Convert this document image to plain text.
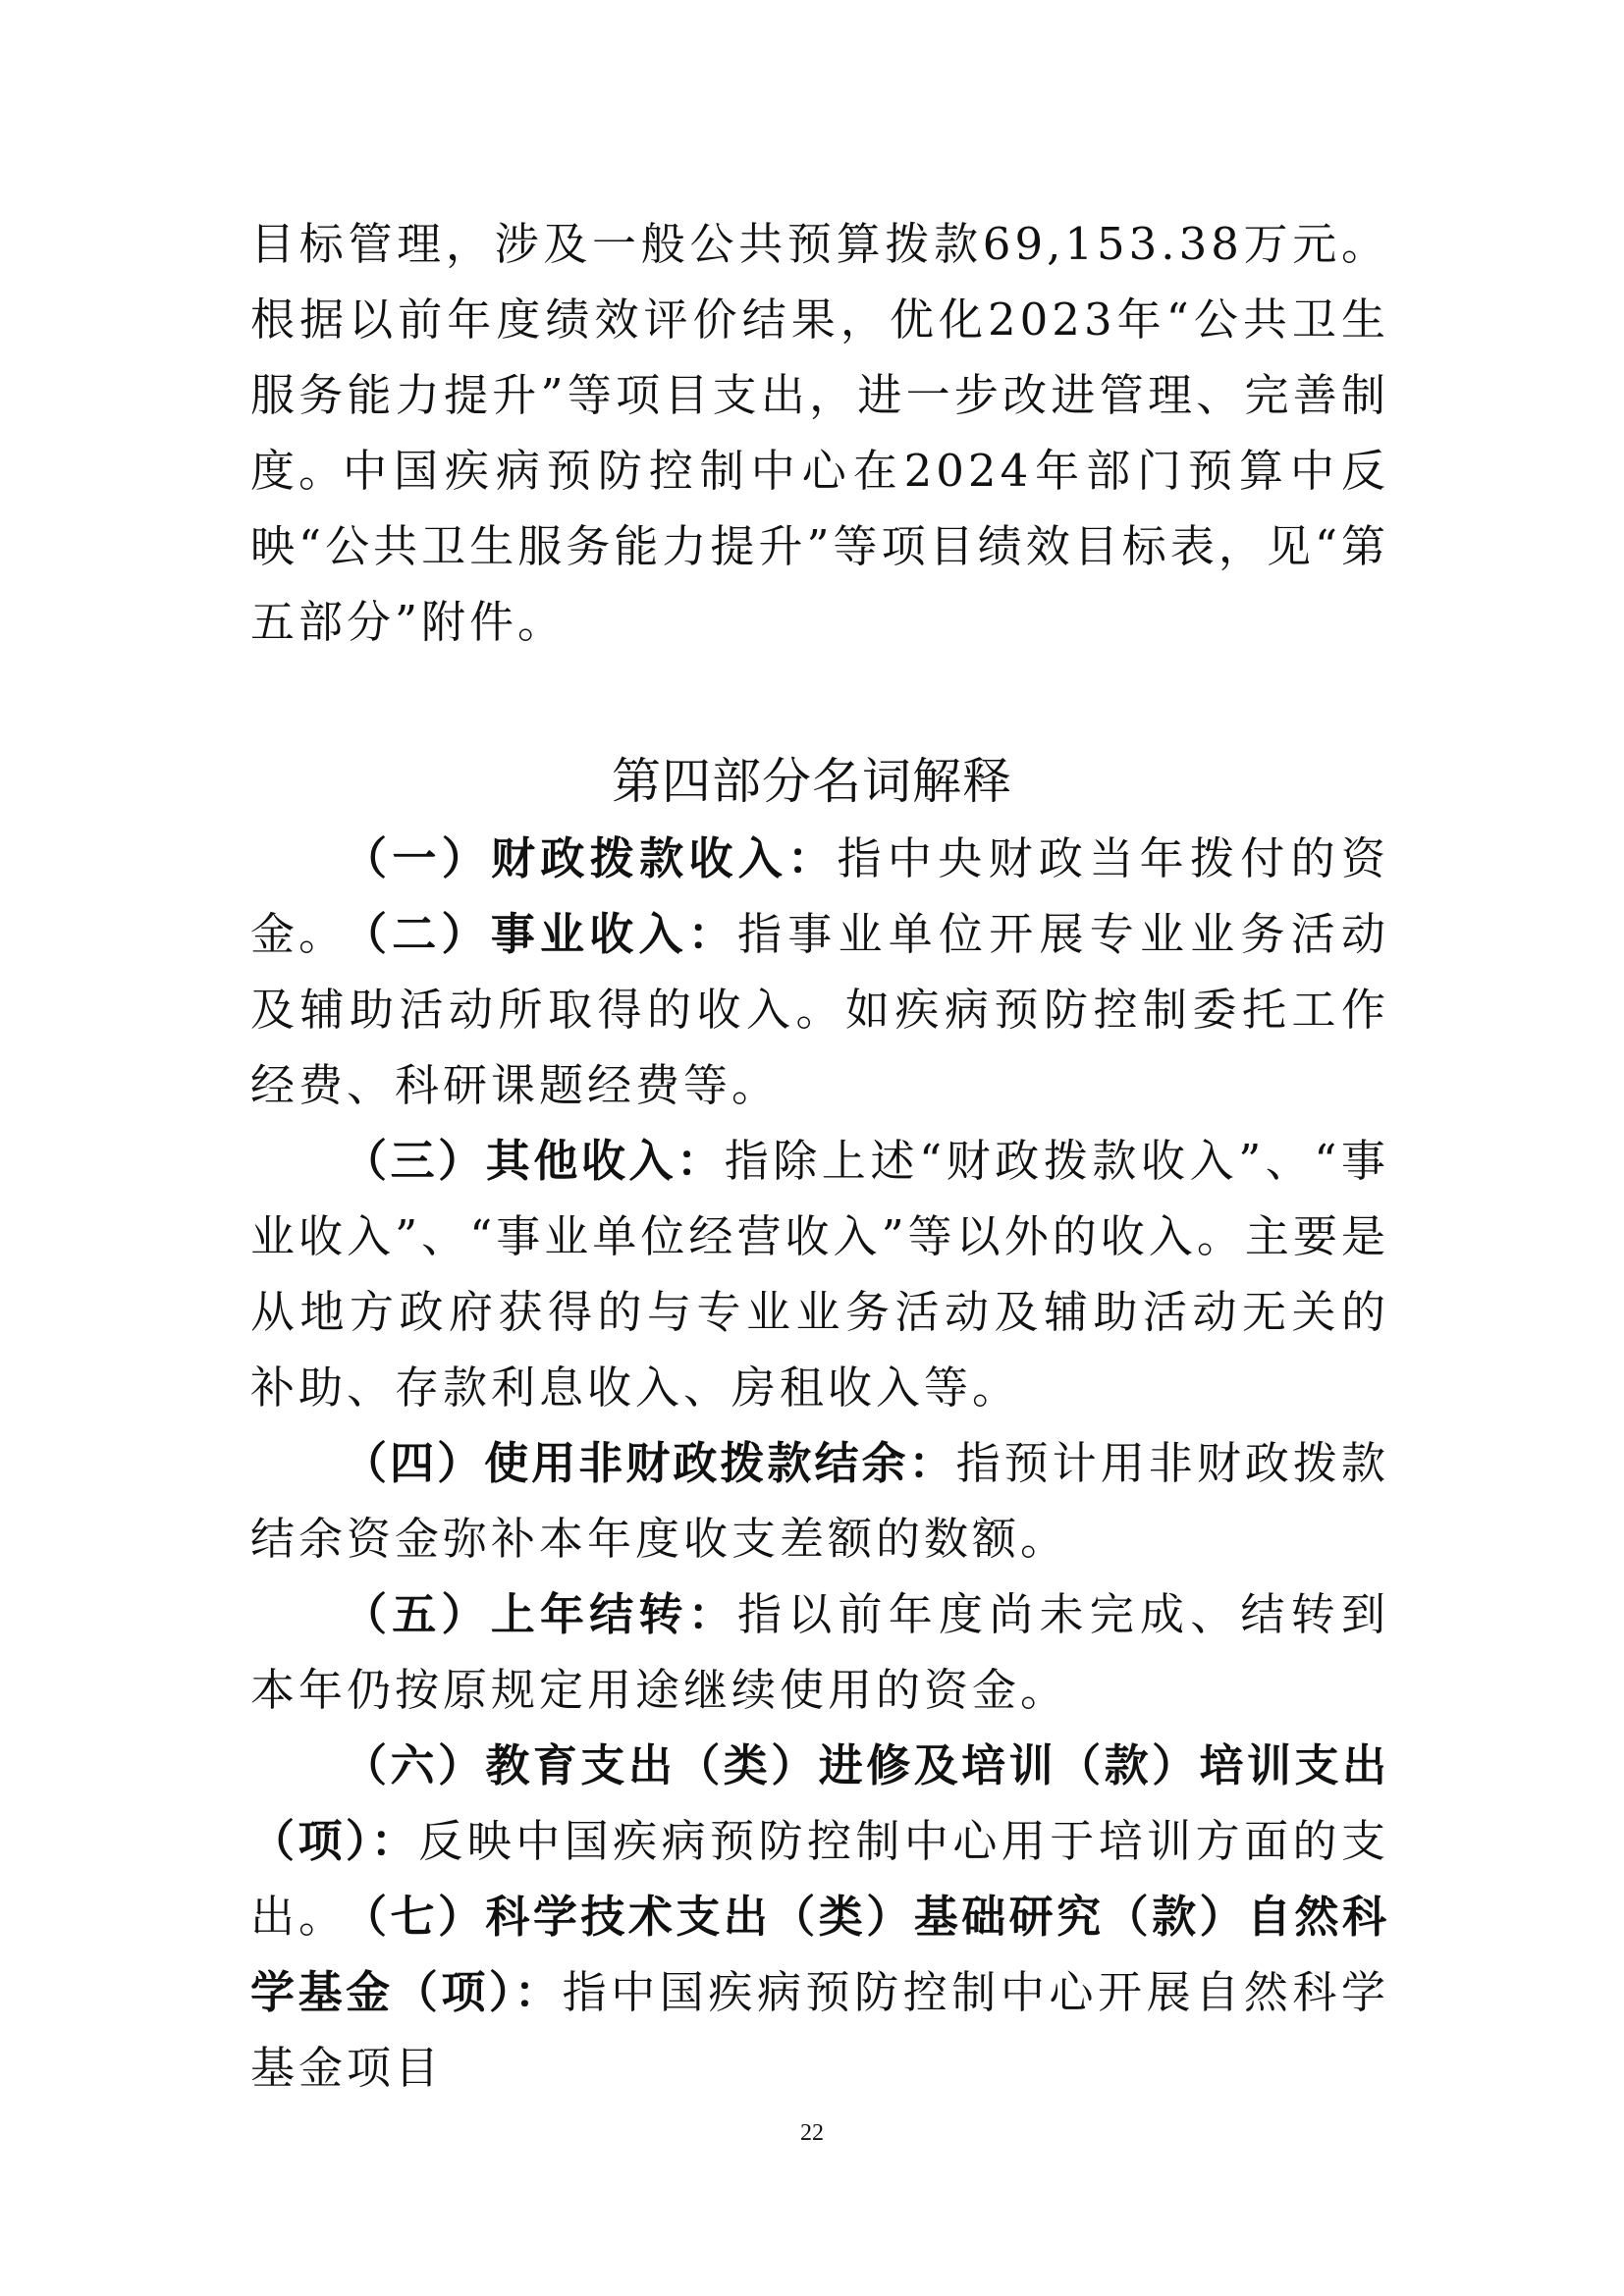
目标管理，涉及一般公共预算拨款69,153.38万元。根据以前年度绩效评价结果，优化2023年“公共卫生服务能力提升”等项目支出，进一步改进管理、完善制度。

中国疾病预防控制中心在2024年部门预算中反映“公共卫生服务能力提升”等项目绩效目标表，见“第五部分”附件。

第四部分名词解释

（一）财政拨款收入：指中央财政当年拨付的资金。

（二）事业收入：指事业单位开展专业业务活动及辅助活动所取得的收入。如疾病预防控制委托工作经费、科研课题经费等。

（三）其他收入：指除上述“财政拨款收入”、“事业收入”、“事业单位经营收入”等以外的收入。主要是从地方政府获得的与专业业务活动及辅助活动无关的补助、存款利息收入、房租收入等。

（四）使用非财政拨款结余：指预计用非财政拨款结余资金弥补本年度收支差额的数额。

（五）上年结转：指以前年度尚未完成、结转到本年仍按原规定用途继续使用的资金。

（六）教育支出（类）进修及培训（款）培训支出（项）：反映中国疾病预防控制中心用于培训方面的支出。

（七）科学技术支出（类）基础研究（款）自然科学基金（项）：指中国疾病预防控制中心开展自然科学基金项目

22
